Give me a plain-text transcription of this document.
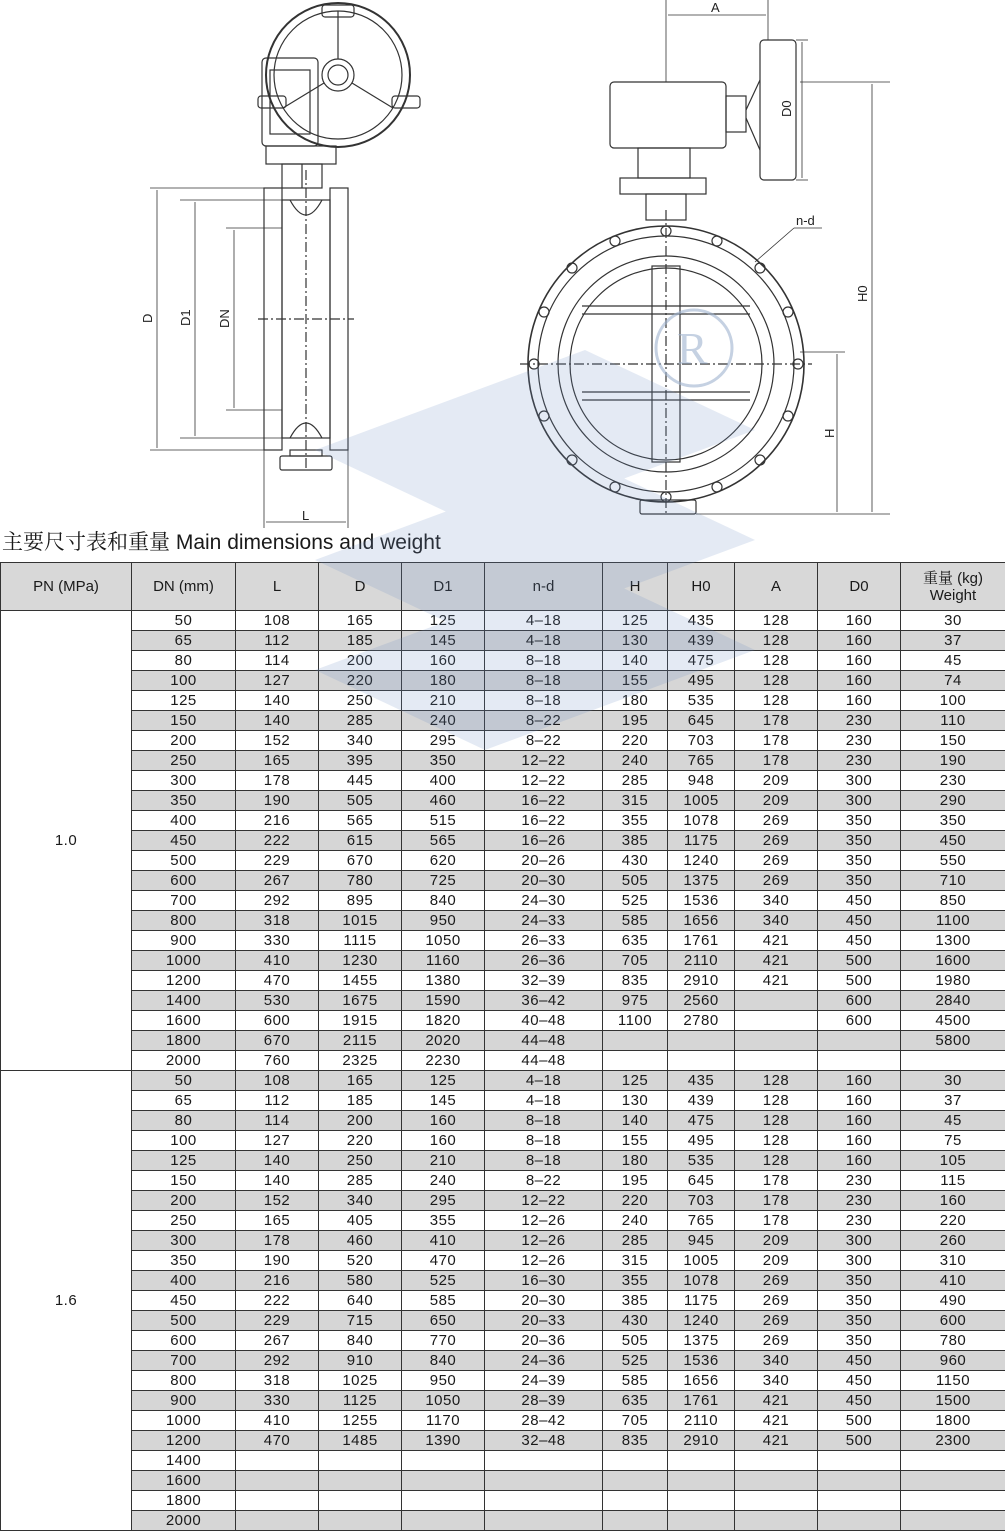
D D1 DN
L
A
D0
n-d
H0
H
R
主要尺寸表和重量 Main dimensions and weight
PN (MPa)	DN (mm)	L	D	D1	n-d	H	H0	A	D0	重量 (kg)
Weight

1.0	50	108	165	125	4–18	125	435	128	160	30
	65	112	185	145	4–18	130	439	128	160	37
	80	114	200	160	8–18	140	475	128	160	45
	100	127	220	180	8–18	155	495	128	160	74
	125	140	250	210	8–18	180	535	128	160	100
	150	140	285	240	8–22	195	645	178	230	110
	200	152	340	295	8–22	220	703	178	230	150
	250	165	395	350	12–22	240	765	178	230	190
	300	178	445	400	12–22	285	948	209	300	230
	350	190	505	460	16–22	315	1005	209	300	290
	400	216	565	515	16–22	355	1078	269	350	350
	450	222	615	565	16–26	385	1175	269	350	450
	500	229	670	620	20–26	430	1240	269	350	550
	600	267	780	725	20–30	505	1375	269	350	710
	700	292	895	840	24–30	525	1536	340	450	850
	800	318	1015	950	24–33	585	1656	340	450	1100
	900	330	1115	1050	26–33	635	1761	421	450	1300
	1000	410	1230	1160	26–36	705	2110	421	500	1600
	1200	470	1455	1380	32–39	835	2910	421	500	1980
	1400	530	1675	1590	36–42	975	2560		600	2840
	1600	600	1915	1820	40–48	1100	2780		600	4500
	1800	670	2115	2020	44–48					5800
	2000	760	2325	2230	44–48					
1.6	50	108	165	125	4–18	125	435	128	160	30
	65	112	185	145	4–18	130	439	128	160	37
	80	114	200	160	8–18	140	475	128	160	45
	100	127	220	160	8–18	155	495	128	160	75
	125	140	250	210	8–18	180	535	128	160	105
	150	140	285	240	8–22	195	645	178	230	115
	200	152	340	295	12–22	220	703	178	230	160
	250	165	405	355	12–26	240	765	178	230	220
	300	178	460	410	12–26	285	945	209	300	260
	350	190	520	470	12–26	315	1005	209	300	310
	400	216	580	525	16–30	355	1078	269	350	410
	450	222	640	585	20–30	385	1175	269	350	490
	500	229	715	650	20–33	430	1240	269	350	600
	600	267	840	770	20–36	505	1375	269	350	780
	700	292	910	840	24–36	525	1536	340	450	960
	800	318	1025	950	24–39	585	1656	340	450	1150
	900	330	1125	1050	28–39	635	1761	421	450	1500
	1000	410	1255	1170	28–42	705	2110	421	500	1800
	1200	470	1485	1390	32–48	835	2910	421	500	2300
	1400									
	1600									
	1800									
	2000									
